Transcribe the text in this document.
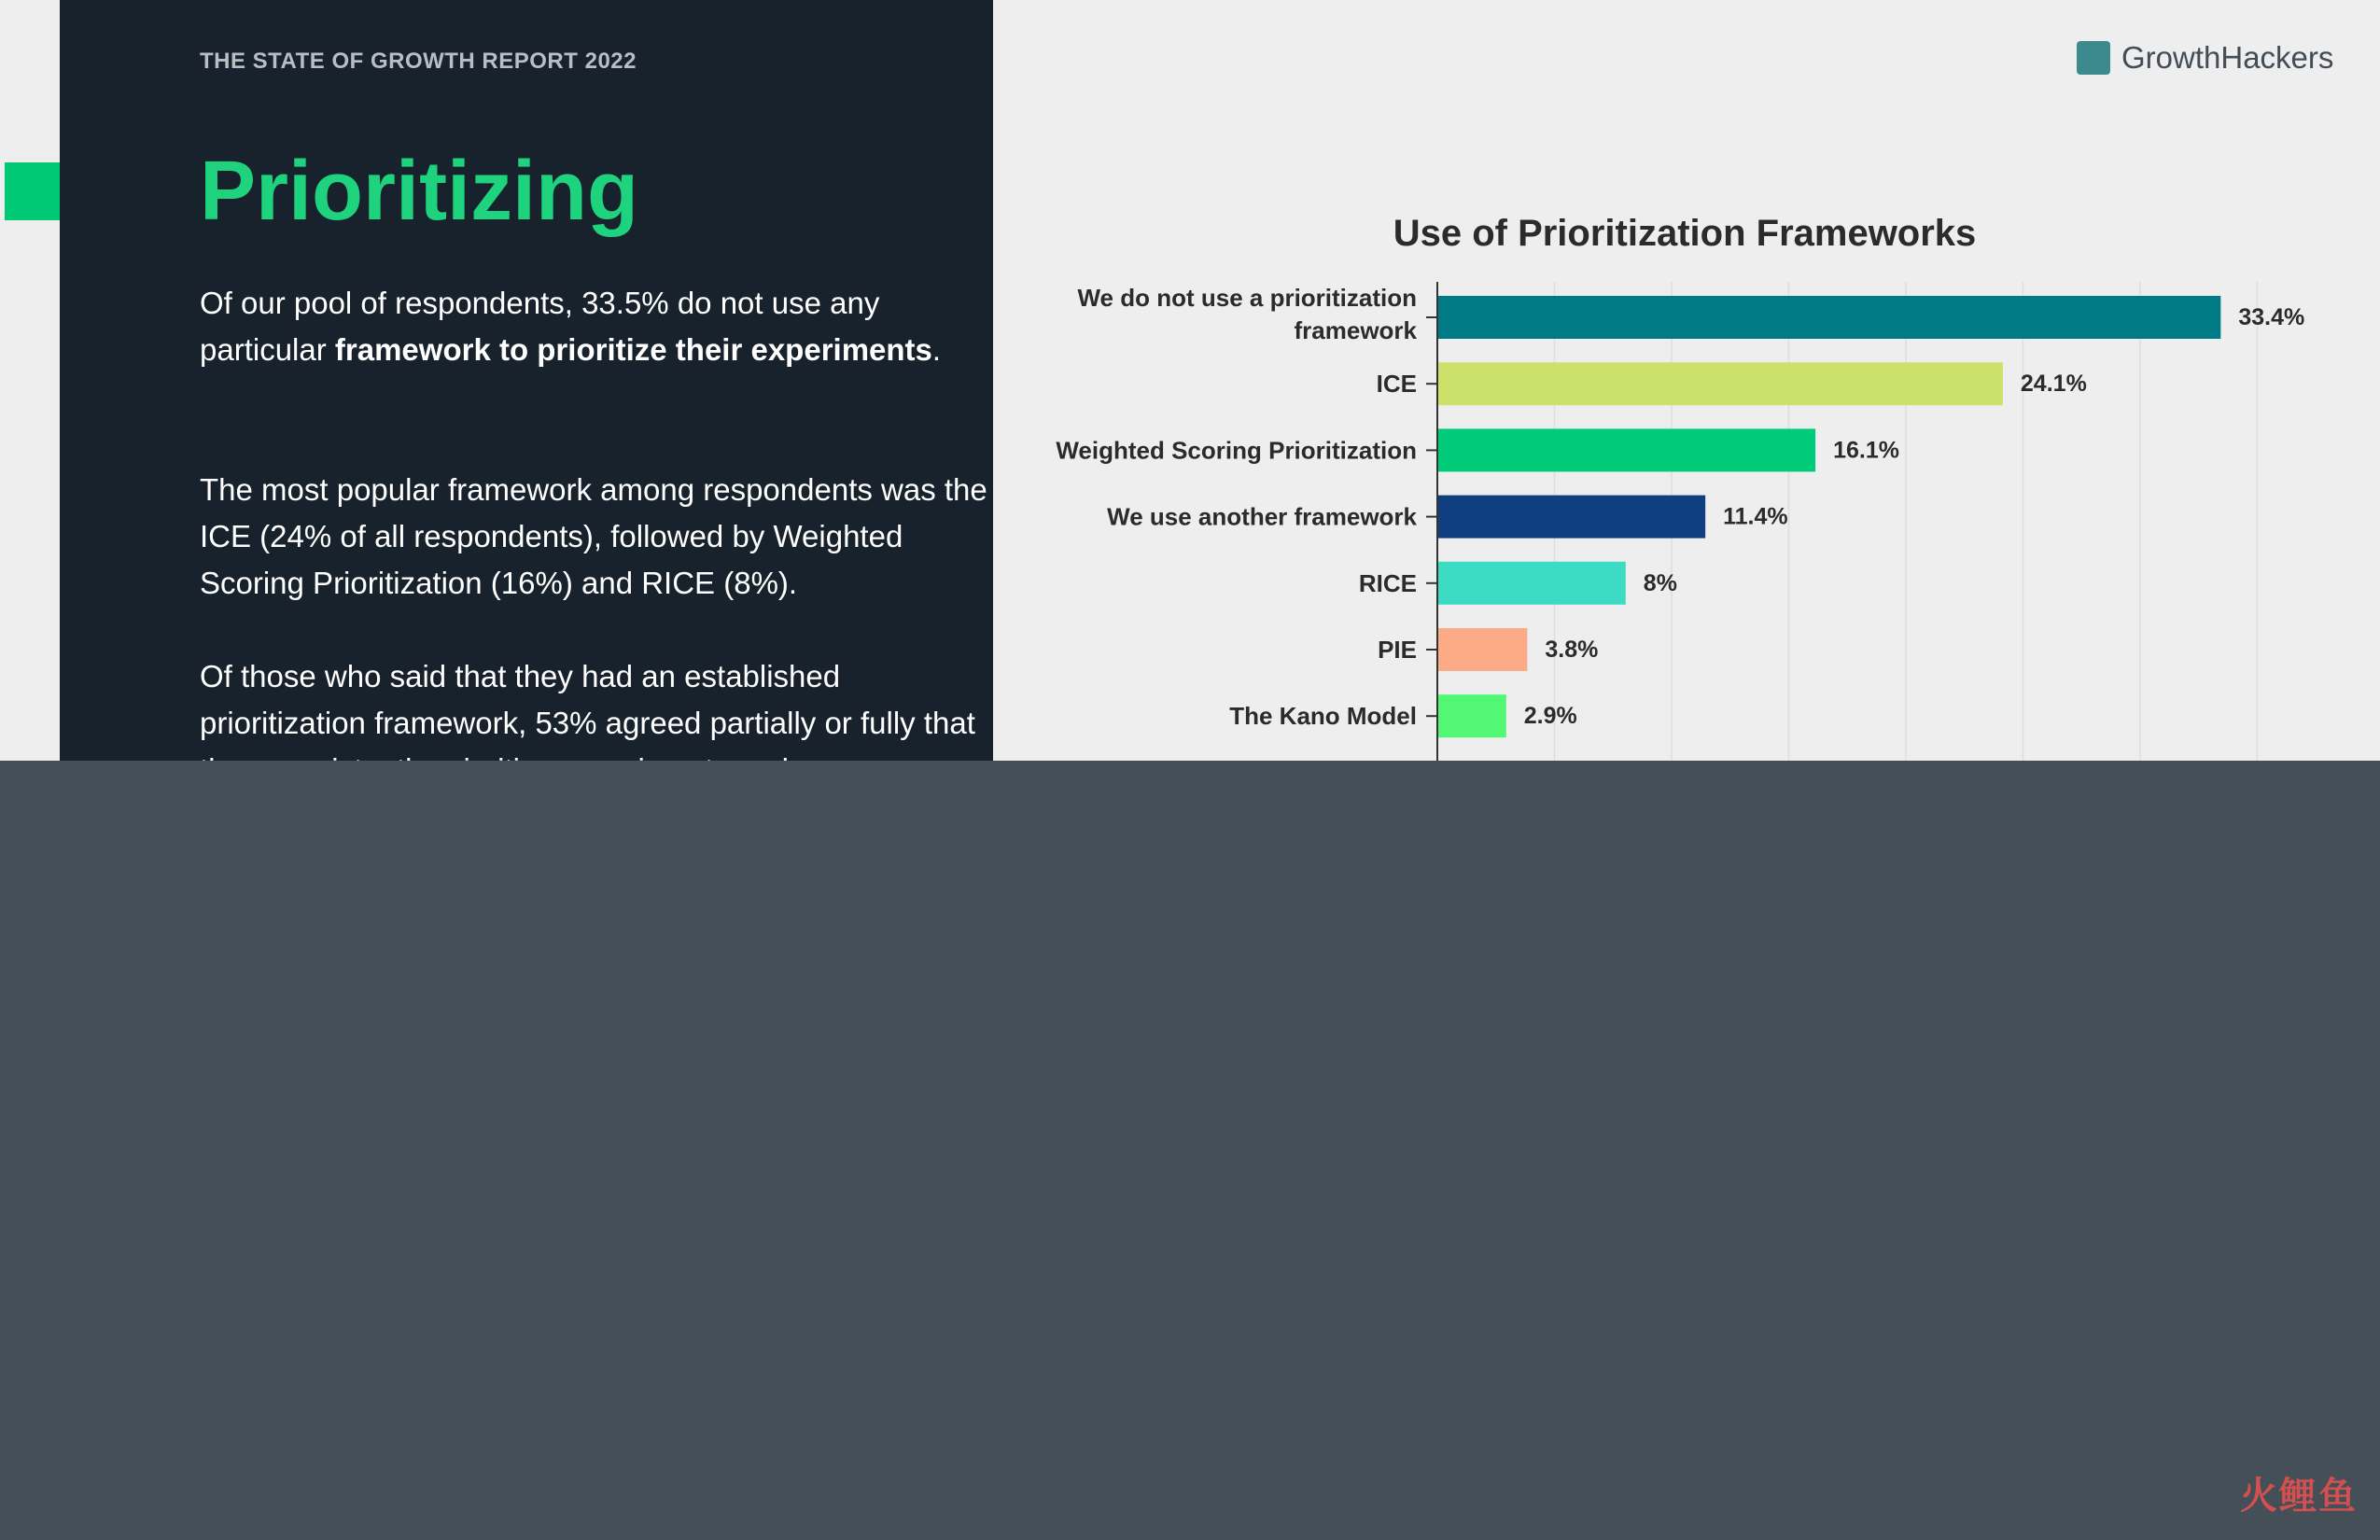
THE STATE OF GROWTH REPORT 2022
Prioritizing

Of our pool of respondents, 33.5% do not use any particular framework to prioritize their experiments.

The most popular framework among respondents was the ICE (24% of all respondents), followed by Weighted Scoring Prioritization (16%) and RICE (8%).

Of those who said that they had an established prioritization framework, 53% agreed partially or fully that

GrowthHackers
Use of Prioritization Frameworks
We do not use a prioritization framework	33.4%
ICE	24.1%
Weighted Scoring Prioritization	16.1%
We use another framework	11.4%
RICE	8%
PIE	3.8%
The Kano Model	2.9%
火鲤鱼
